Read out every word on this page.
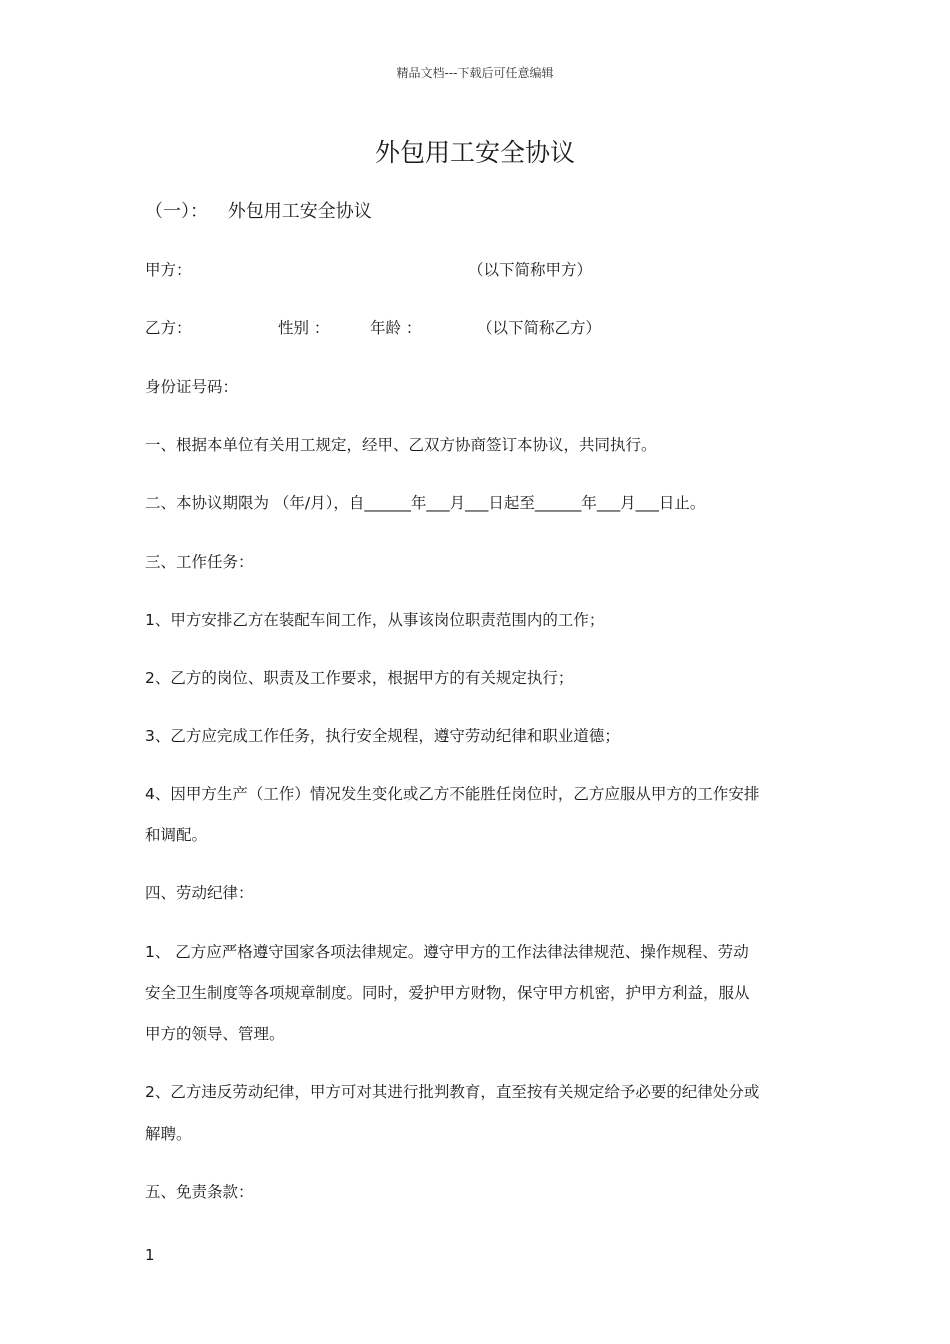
精品文档---下载后可任意编辑
外包用工安全协议
（一）： 外包用工安全协议
甲方：	（以下简称甲方）
乙方：	性别 ：	年龄 ：	（以下简称乙方）
身份证号码：
一、根据本单位有关用工规定，经甲、乙双方协商签订本协议，共同执行。
二、本协议期限为 （年/月），自______年___月___日起至______年___月___日止。
三、工作任务：
1、甲方安排乙方在装配车间工作，从事该岗位职责范围内的工作；
2、乙方的岗位、职责及工作要求，根据甲方的有关规定执行；
3、乙方应完成工作任务，执行安全规程，遵守劳动纪律和职业道德；
4、因甲方生产（工作）情况发生变化或乙方不能胜任岗位时，乙方应服从甲方的工作安排
和调配。
四、劳动纪律：
1、 乙方应严格遵守国家各项法律规定。遵守甲方的工作法律法律规范、操作规程、劳动
安全卫生制度等各项规章制度。同时，爱护甲方财物，保守甲方机密，护甲方利益，服从
甲方的领导、管理。
2、乙方违反劳动纪律，甲方可对其进行批判教育，直至按有关规定给予必要的纪律处分或
解聘。
五、免责条款：
1
